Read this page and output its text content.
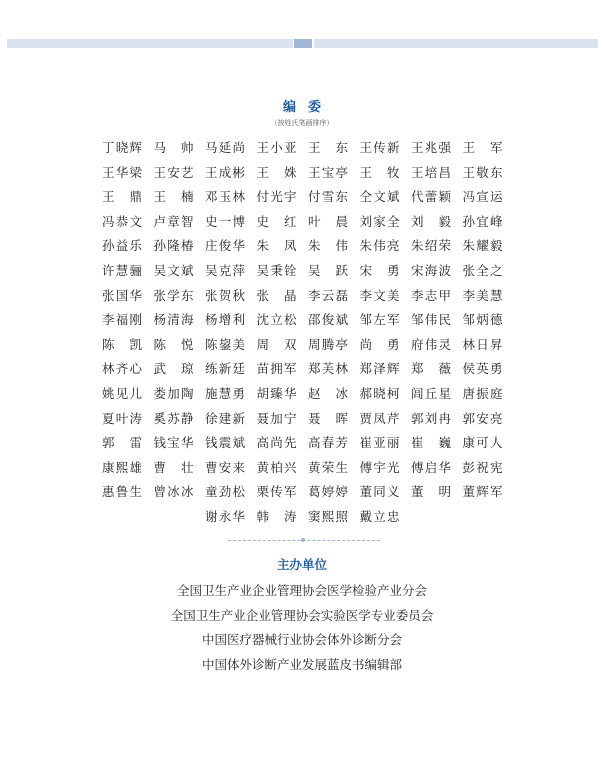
编委
（按姓氏笔画排序）
丁晓辉 马 帅 马延尚 王小亚 王 东 王传新 王兆强 王 军
王华梁 王安艺 王成彬 王 姝 王宝亭 王 牧 王培昌 王敬东
王 鼎 王 楠 邓玉林 付光宇 付雪东 仝文斌 代蕾颖 冯宣运
冯恭文 卢章智 史一博 史 红 叶 晨 刘家全 刘 毅 孙宜峰
孙益乐 孙隆椿 庄俊华 朱 凤 朱 伟 朱伟亮 朱绍荣 朱耀毅
许慧骊 吴文斌 吴克萍 吴秉铨 吴 跃 宋 勇 宋海波 张全之
张国华 张学东 张贺秋 张 晶 李云磊 李文美 李志甲 李美慧
李福刚 杨清海 杨增利 沈立松 邵俊斌 邹左军 邹伟民 邹炳德
陈 凯 陈 悦 陈鋆美 周 双 周腾亭 尚 勇 府伟灵 林日昇
林齐心 武 琼 练新廷 苗拥军 郑芙林 郑泽辉 郑 薇 侯英勇
姚见儿 娄加陶 施慧勇 胡臻华 赵 冰 郝晓柯 闾丘星 唐振庭
夏叶涛 奚苏静 徐建新 聂加宁 聂 晖 贾凤芹 郭刘冉 郭安亮
郭 雷 钱宝华 钱震斌 高尚先 高春芳 崔亚丽 崔 巍 康可人
康熙雄 曹 壮 曹安来 黄柏兴 黄荣生 傅宇光 傅启华 彭祝宪
惠鲁生 曾冰冰 童劲松 栗传军 葛婷婷 董同义 董 明 董辉军
谢永华 韩 涛 窦熙照 戴立忠
主办单位
全国卫生产业企业管理协会医学检验产业分会
全国卫生产业企业管理协会实验医学专业委员会
中国医疗器械行业协会体外诊断分会
中国体外诊断产业发展蓝皮书编辑部
